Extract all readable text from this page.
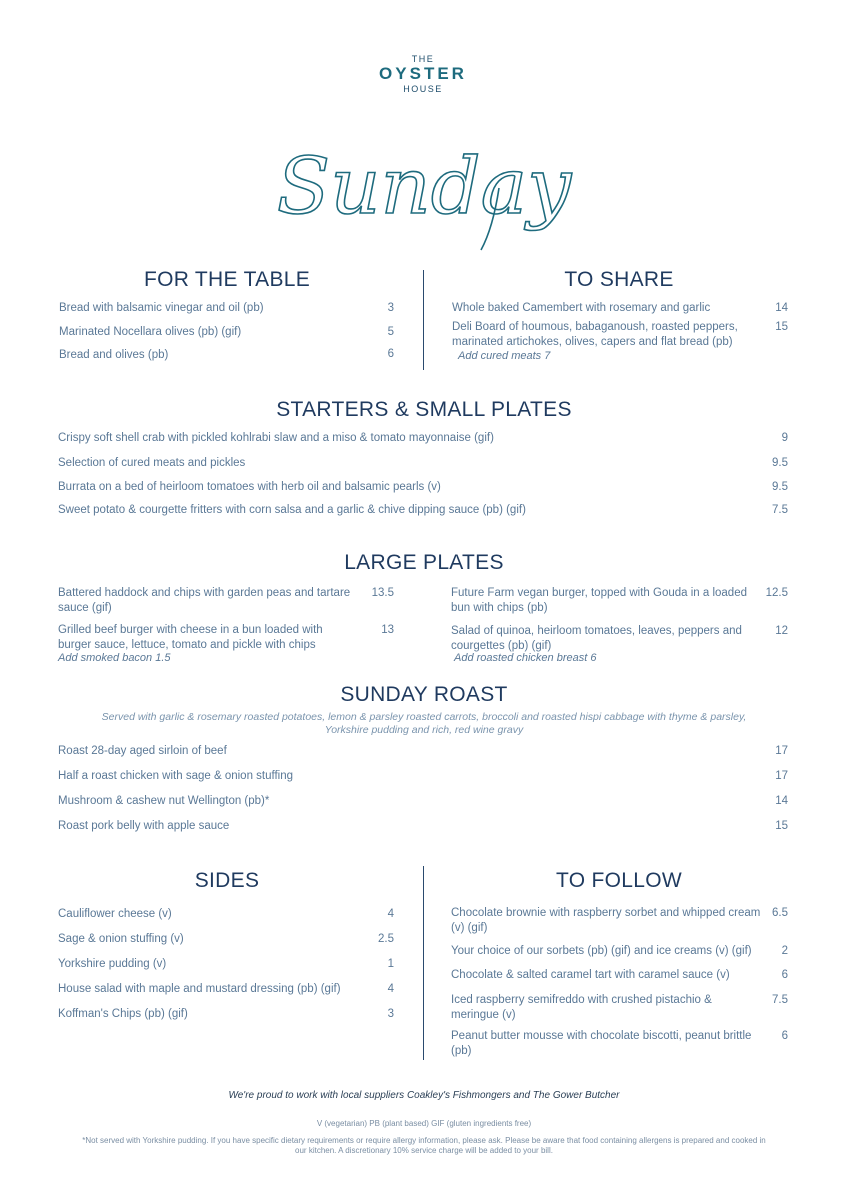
THE
OYSTER
HOUSE
Sunday
FOR THE TABLE
Bread with balsamic vinegar and oil (pb)	3
Marinated Nocellara olives (pb) (gif)	5
Bread and olives (pb)	6
TO SHARE
Whole baked Camembert with rosemary and garlic	14
Deli Board of houmous, babaganoush, roasted peppers, marinated artichokes, olives, capers and flat bread (pb)
15
Add cured meats 7
STARTERS & SMALL PLATES
Crispy soft shell crab with pickled kohlrabi slaw and a miso & tomato mayonnaise (gif)	9
Selection of cured meats and pickles	9.5
Burrata on a bed of heirloom tomatoes with herb oil and balsamic pearls (v)	9.5
Sweet potato & courgette fritters with corn salsa and a garlic & chive dipping sauce (pb) (gif)	7.5
LARGE PLATES
Battered haddock and chips with garden peas and tartare sauce (gif)
13.5
Grilled beef burger with cheese in a bun loaded with burger sauce, lettuce, tomato and pickle with chips
13
Add smoked bacon 1.5
Future Farm vegan burger, topped with Gouda in a loaded bun with chips (pb)
12.5
Salad of quinoa, heirloom tomatoes, leaves, peppers and courgettes (pb) (gif)
12
Add roasted chicken breast 6
SUNDAY ROAST
Served with garlic & rosemary roasted potatoes, lemon & parsley roasted carrots, broccoli and roasted hispi cabbage with thyme & parsley,
Yorkshire pudding and rich, red wine gravy
Roast 28-day aged sirloin of beef	17
Half a roast chicken with sage & onion stuffing	17
Mushroom & cashew nut Wellington (pb)*	14
Roast pork belly with apple sauce	15
SIDES
Cauliflower cheese (v)	4
Sage & onion stuffing (v)	2.5
Yorkshire pudding (v)	1
House salad with maple and mustard dressing (pb) (gif)	4
Koffman's Chips (pb) (gif)	3
TO FOLLOW
Chocolate brownie with raspberry sorbet and whipped cream (v) (gif)
6.5
Your choice of our sorbets (pb) (gif) and ice creams (v) (gif)	2
Chocolate & salted caramel tart with caramel sauce (v)	6
Iced raspberry semifreddo with crushed pistachio & meringue (v)
7.5
Peanut butter mousse with chocolate biscotti, peanut brittle (pb)
6
We're proud to work with local suppliers Coakley's Fishmongers and The Gower Butcher
V (vegetarian) PB (plant based) GIF (gluten ingredients free)
*Not served with Yorkshire pudding. If you have specific dietary requirements or require allergy information, please ask. Please be aware that food containing allergens is prepared and cooked in
our kitchen. A discretionary 10% service charge will be added to your bill.
